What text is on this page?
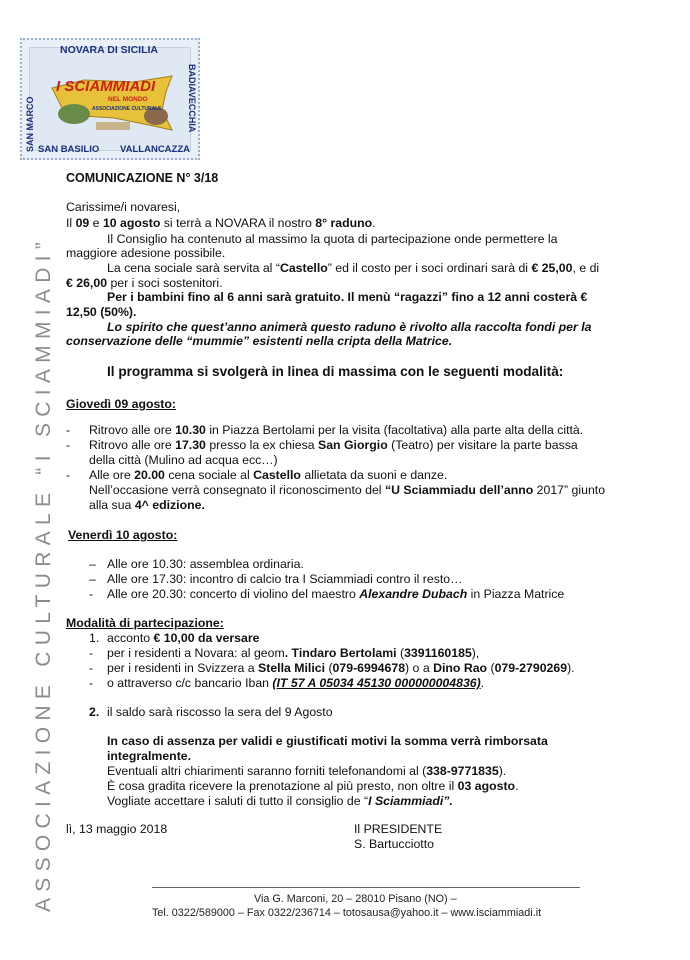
NOVARA DI SICILIA
SAN MARCO	BADIAVECCHIA
SAN BASILIO VALLANCAZZA
I SCIAMMIADI
NEL MONDO
ASSOCIAZIONE CULTURALE
ASSOCIAZIONE CULTURALE “I SCIAMMIADI”
COMUNICAZIONE N° 3/18
Carissime/i novaresi,
Il 09 e 10 agosto si terrà a NOVARA il nostro 8° raduno.
Il Consiglio ha contenuto al massimo la quota di partecipazione onde permettere la
maggiore adesione possibile.
La cena sociale sarà servita al “Castello” ed il costo per i soci ordinari sarà di € 25,00, e di
€ 26,00 per i soci sostenitori.
Per i bambini fino al 6 anni sarà gratuito. Il menù “ragazzi” fino a 12 anni costerà €
12,50 (50%).
Lo spirito che quest’anno animerà questo raduno è rivolto alla raccolta fondi per la
conservazione delle “mummie” esistenti nella cripta della Matrice.
Il programma si svolgerà in linea di massima con le seguenti modalità:
Giovedì 09 agosto:
- Ritrovo alle ore 10.30 in Piazza Bertolami per la visita (facoltativa) alla parte alta della città.
- Ritrovo alle ore 17.30 presso la ex chiesa San Giorgio (Teatro) per visitare la parte bassa
della città (Mulino ad acqua ecc…)
- Alle ore 20.00 cena sociale al Castello allietata da suoni e danze.
Nell’occasione verrà consegnato il riconoscimento del “U Sciammiadu dell’anno 2017” giunto
alla sua 4^ edizione.
Venerdì 10 agosto:
– Alle ore 10.30: assemblea ordinaria.
– Alle ore 17.30: incontro di calcio tra I Sciammiadi contro il resto…
- Alle ore 20.30: concerto di violino del maestro Alexandre Dubach in Piazza Matrice
Modalità di partecipazione:
1. acconto € 10,00 da versare
- per i residenti a Novara: al geom. Tindaro Bertolami (3391160185),
- per i residenti in Svizzera a Stella Milici (079-6994678) o a Dino Rao (079-2790269).
- o attraverso c/c bancario Iban (IT 57 A 05034 45130 000000004836).
2. il saldo sarà riscosso la sera del 9 Agosto
In caso di assenza per validi e giustificati motivi la somma verrà rimborsata
integralmente.
Eventuali altri chiarimenti saranno forniti telefonandomi al (338-9771835).
È cosa gradita ricevere la prenotazione al più presto, non oltre il 03 agosto.
Vogliate accettare i saluti di tutto il consiglio de “I Sciammiadi”.
lì, 13 maggio 2018	Il PRESIDENTE
S. Bartucciotto
Via G. Marconi, 20 – 28010 Pisano (NO) –
Tel. 0322/589000 – Fax 0322/236714 – totosausa@yahoo.it – www.isciammiadi.it
